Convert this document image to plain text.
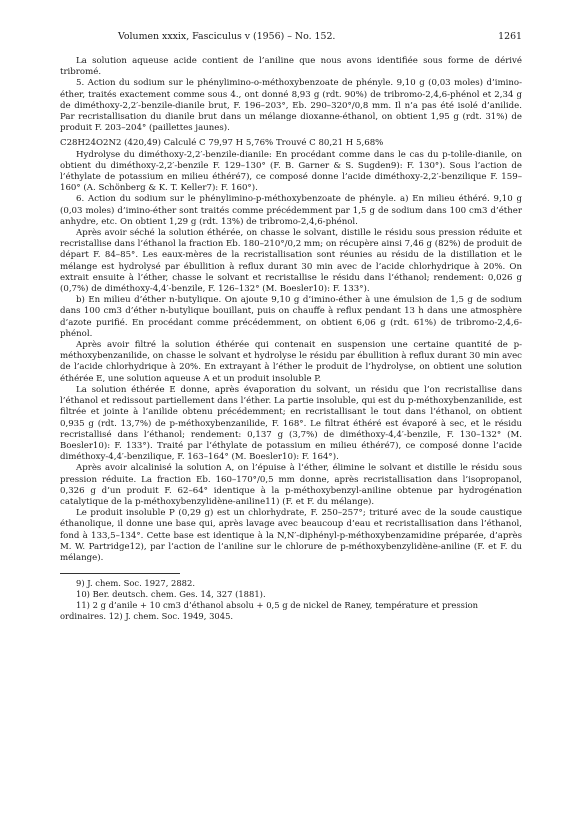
Volumen xxxix, Fasciculus v (1956) – No. 152.	1261

La solution aqueuse acide contient de l’aniline que nous avons identifiée sous forme de dérivé tribromé.

5. Action du sodium sur le phénylimino-o-méthoxybenzoate de phényle. 9,10 g (0,03 moles) d’imino-éther, traités exactement comme sous 4., ont donné 8,93 g (rdt. 90%) de tribromo-2,4,6-phénol et 2,34 g de diméthoxy-2,2′-benzile-dianile brut, F. 196–203°, Eb. 290–320°/0,8 mm. Il n’a pas été isolé d’anilide. Par recristallisation du dianile brut dans un mélange dioxanne-éthanol, on obtient 1,95 g (rdt. 31%) de produit F. 203–204° (paillettes jaunes).

C28H24O2N2 (420,49) Calculé C 79,97 H 5,76% Trouvé C 80,21 H 5,68%

Hydrolyse du diméthoxy-2,2′-benzile-dianile: En procédant comme dans le cas du p-tolile-dianile, on obtient du diméthoxy-2,2′-benzile F. 129–130° (F. B. Garner & S. Sugden9): F. 130°). Sous l’action de l’éthylate de potassium en milieu éthéré7), ce composé donne l’acide diméthoxy-2,2′-benzilique F. 159–160° (A. Schönberg & K. T. Keller7): F. 160°).

6. Action du sodium sur le phénylimino-p-méthoxybenzoate de phényle. a) En milieu éthéré. 9,10 g (0,03 moles) d’imino-éther sont traités comme précédemment par 1,5 g de sodium dans 100 cm3 d’éther anhydre, etc. On obtient 1,29 g (rdt. 13%) de tribromo-2,4,6-phénol.

Après avoir séché la solution éthérée, on chasse le solvant, distille le résidu sous pression réduite et recristallise dans l’éthanol la fraction Eb. 180–210°/0,2 mm; on récupère ainsi 7,46 g (82%) de produit de départ F. 84–85°. Les eaux-mères de la recristallisation sont réunies au résidu de la distillation et le mélange est hydrolysé par ébullition à reflux durant 30 min avec de l’acide chlorhydrique à 20%. On extrait ensuite à l’éther, chasse le solvant et recristallise le résidu dans l’éthanol; rendement: 0,026 g (0,7%) de diméthoxy-4,4′-benzile, F. 126–132° (M. Boesler10): F. 133°).

b) En milieu d’éther n-butylique. On ajoute 9,10 g d’imino-éther à une émulsion de 1,5 g de sodium dans 100 cm3 d’éther n-butylique bouillant, puis on chauffe à reflux pendant 13 h dans une atmosphère d’azote purifié. En procédant comme précédemment, on obtient 6,06 g (rdt. 61%) de tribromo-2,4,6-phénol.

Après avoir filtré la solution éthérée qui contenait en suspension une certaine quantité de p-méthoxybenzanilide, on chasse le solvant et hydrolyse le résidu par ébullition à reflux durant 30 min avec de l’acide chlorhydrique à 20%. En extrayant à l’éther le produit de l’hydrolyse, on obtient une solution éthérée E, une solution aqueuse A et un produit insoluble P.

La solution éthérée E donne, après évaporation du solvant, un résidu que l’on recristallise dans l’éthanol et redissout partiellement dans l’éther. La partie insoluble, qui est du p-méthoxybenzanilide, est filtrée et jointe à l’anilide obtenu précédemment; en recristallisant le tout dans l’éthanol, on obtient 0,935 g (rdt. 13,7%) de p-méthoxybenzanilide, F. 168°. Le filtrat éthéré est évaporé à sec, et le résidu recristallisé dans l’éthanol; rendement: 0,137 g (3,7%) de diméthoxy-4,4′-benzile, F. 130–132° (M. Boesler10): F. 133°). Traité par l’éthylate de potassium en milieu éthéré7), ce composé donne l’acide diméthoxy-4,4′-benzilique, F. 163–164° (M. Boesler10): F. 164°).

Après avoir alcalinisé la solution A, on l’épuise à l’éther, élimine le solvant et distille le résidu sous pression réduite. La fraction Eb. 160–170°/0,5 mm donne, après recristallisation dans l’isopropanol, 0,326 g d’un produit F. 62–64° identique à la p-méthoxybenzyl-aniline obtenue par hydrogénation catalytique de la p-méthoxybenzylidène-aniline11) (F. et F. du mélange).

Le produit insoluble P (0,29 g) est un chlorhydrate, F. 250–257°; trituré avec de la soude caustique éthanolique, il donne une base qui, après lavage avec beaucoup d’eau et recristallisation dans l’éthanol, fond à 133,5–134°. Cette base est identique à la N,N′-diphényl-p-méthoxybenzamidine préparée, d’après M. W. Partridge12), par l’action de l’aniline sur le chlorure de p-méthoxybenzylidène-aniline (F. et F. du mélange).

9) J. chem. Soc. 1927, 2882.

10) Ber. deutsch. chem. Ges. 14, 327 (1881).

11) 2 g d’anile + 10 cm3 d’éthanol absolu + 0,5 g de nickel de Raney, température et pression ordinaires. 12) J. chem. Soc. 1949, 3045.
